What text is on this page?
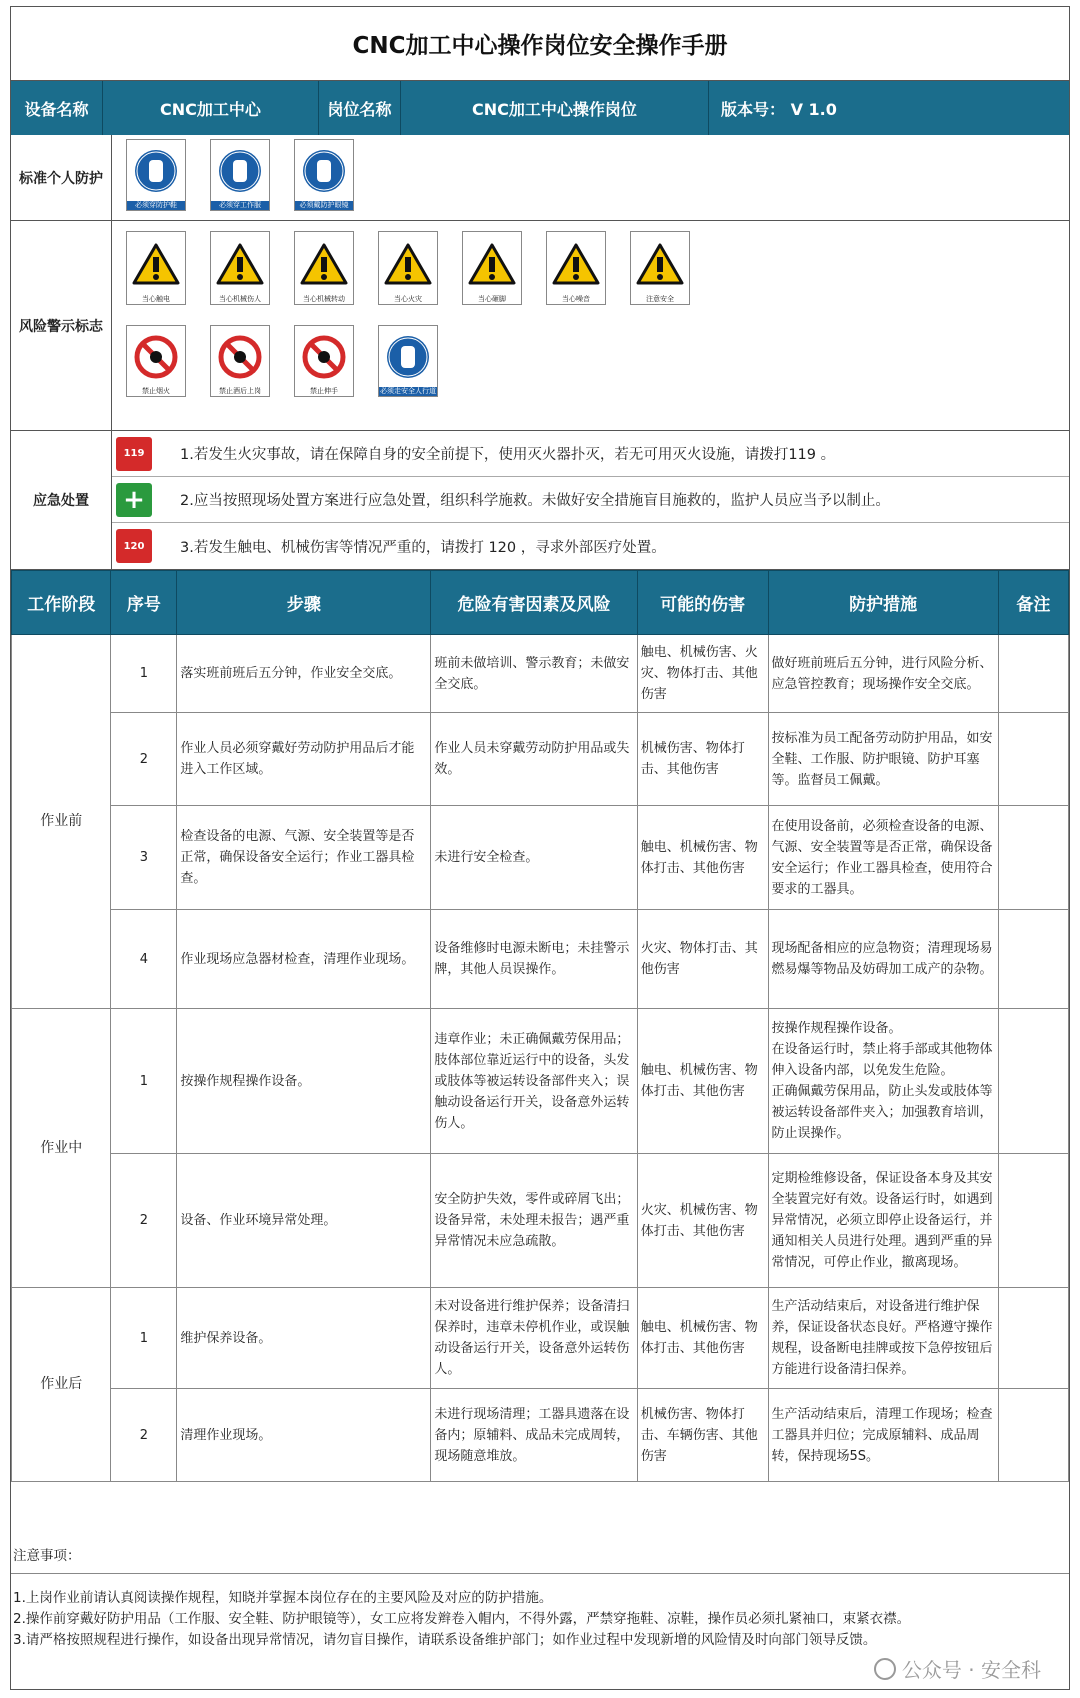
CNC加工中心操作岗位安全操作手册
设备名称	CNC加工中心	岗位名称	CNC加工中心操作岗位	版本号： V 1.0
标准个人防护
必须穿防护鞋	必须穿工作服	必须戴防护眼镜
风险警示标志
当心触电	当心机械伤人	当心机械转动	当心火灾	当心砸脚	当心噪音	注意安全
禁止烟火	禁止酒后上岗	禁止伸手	必须走安全人行道
应急处置
119	1.若发生火灾事故，请在保障自身的安全前提下，使用灭火器扑灭，若无可用灭火设施，请拨打119 。
+	2.应当按照现场处置方案进行应急处置，组织科学施救。未做好安全措施盲目施救的，监护人员应当予以制止。
120	3.若发生触电、机械伤害等情况严重的，请拨打 120 ，寻求外部医疗处置。
工作阶段	序号	步骤	危险有害因素及风险	可能的伤害	防护措施	备注
作业前	1	落实班前班后五分钟，作业安全交底。	班前未做培训、警示教育；未做安全交底。	触电、机械伤害、火灾、物体打击、其他伤害	做好班前班后五分钟，进行风险分析、应急管控教育；现场操作安全交底。	
	2	作业人员必须穿戴好劳动防护用品后才能进入工作区域。	作业人员未穿戴劳动防护用品或失效。	机械伤害、物体打击、其他伤害	按标准为员工配备劳动防护用品，如安全鞋、工作服、防护眼镜、防护耳塞等。监督员工佩戴。	
	3	检查设备的电源、气源、安全装置等是否正常，确保设备安全运行；作业工器具检查。	未进行安全检查。	触电、机械伤害、物体打击、其他伤害	在使用设备前，必须检查设备的电源、气源、安全装置等是否正常，确保设备安全运行；作业工器具检查，使用符合要求的工器具。	
	4	作业现场应急器材检查，清理作业现场。	设备维修时电源未断电；未挂警示牌，其他人员误操作。	火灾、物体打击、其他伤害	现场配备相应的应急物资；清理现场易燃易爆等物品及妨碍加工成产的杂物。	
作业中	1	按操作规程操作设备。	违章作业；未正确佩戴劳保用品；肢体部位靠近运行中的设备，头发或肢体等被运转设备部件夹入；误触动设备运行开关，设备意外运转伤人。	触电、机械伤害、物体打击、其他伤害	按操作规程操作设备。
在设备运行时，禁止将手部或其他物体伸入设备内部，以免发生危险。
正确佩戴劳保用品，防止头发或肢体等被运转设备部件夹入；加强教育培训，防止误操作。	
	2	设备、作业环境异常处理。	安全防护失效，零件或碎屑飞出；设备异常，未处理未报告；遇严重异常情况未应急疏散。	火灾、机械伤害、物体打击、其他伤害	定期检维修设备，保证设备本身及其安全装置完好有效。设备运行时，如遇到异常情况，必须立即停止设备运行，并通知相关人员进行处理。遇到严重的异常情况，可停止作业，撤离现场。	
作业后	1	维护保养设备。	未对设备进行维护保养；设备清扫保养时，违章未停机作业，或误触动设备运行开关，设备意外运转伤人。	触电、机械伤害、物体打击、其他伤害	生产活动结束后，对设备进行维护保养，保证设备状态良好。严格遵守操作规程，设备断电挂牌或按下急停按钮后方能进行设备清扫保养。	
	2	清理作业现场。	未进行现场清理；工器具遗落在设备内；原辅料、成品未完成周转，现场随意堆放。	机械伤害、物体打击、车辆伤害、其他伤害	生产活动结束后，清理工作现场；检查工器具并归位；完成原辅料、成品周转，保持现场5S。	
注意事项：
1.上岗作业前请认真阅读操作规程，知晓并掌握本岗位存在的主要风险及对应的防护措施。
2.操作前穿戴好防护用品（工作服、安全鞋、防护眼镜等），女工应将发辫卷入帽内，不得外露，严禁穿拖鞋、凉鞋，操作员必须扎紧袖口，束紧衣襟。
3.请严格按照规程进行操作，如设备出现异常情况，请勿盲目操作，请联系设备维护部门；如作业过程中发现新增的风险情及时向部门领导反馈。
公众号 · 安全科
